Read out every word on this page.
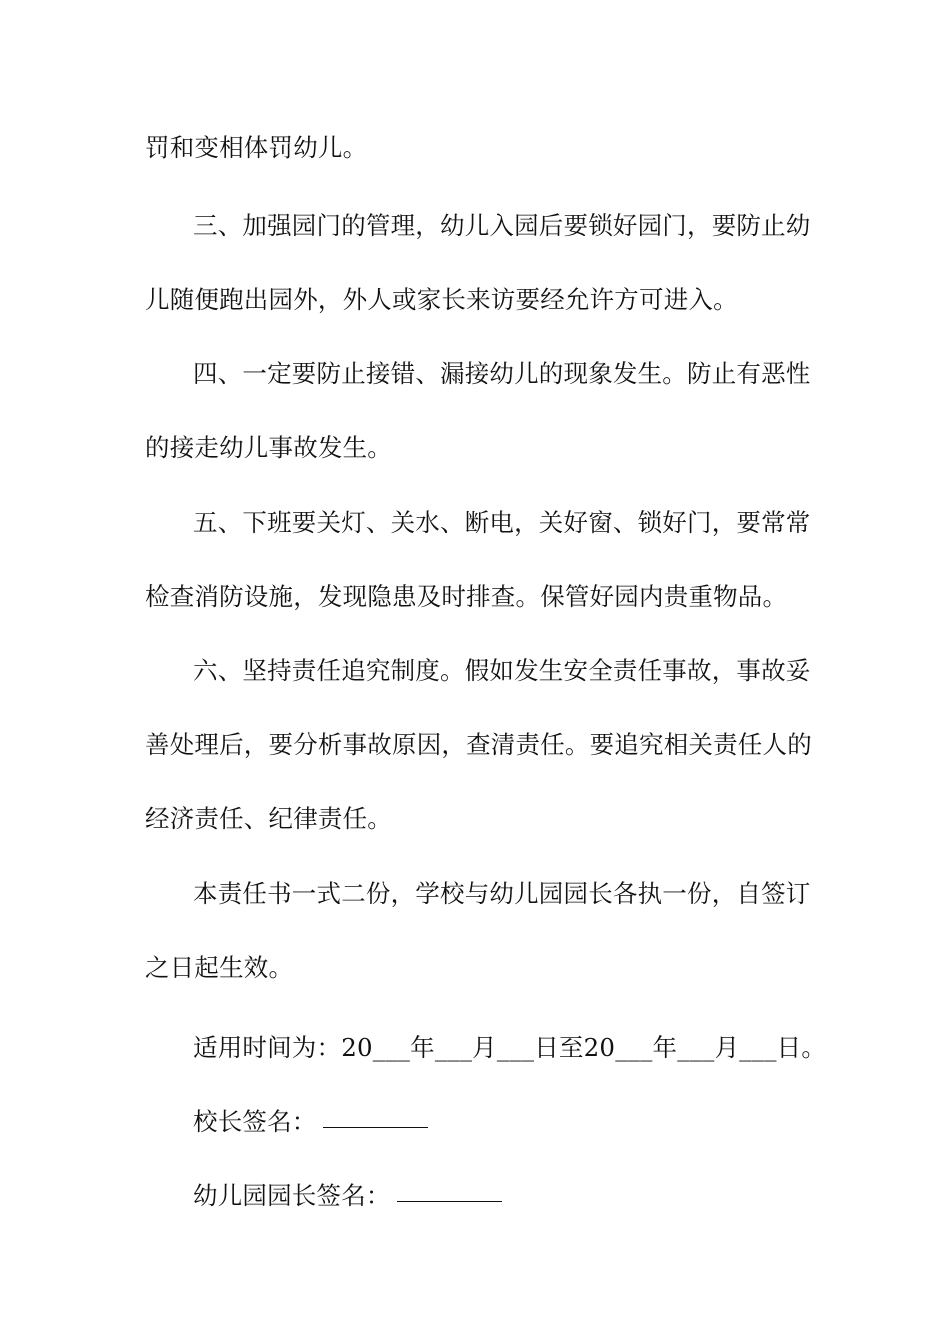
罚和变相体罚幼儿。
三、加强园门的管理，幼儿入园后要锁好园门，要防止幼
儿随便跑出园外，外人或家长来访要经允许方可进入。
四、一定要防止接错、漏接幼儿的现象发生。防止有恶性
的接走幼儿事故发生。
五、下班要关灯、关水、断电，关好窗、锁好门，要常常
检查消防设施，发现隐患及时排查。保管好园内贵重物品。
六、坚持责任追究制度。假如发生安全责任事故，事故妥
善处理后，要分析事故原因，查清责任。要追究相关责任人的
经济责任、纪律责任。
本责任书一式二份，学校与幼儿园园长各执一份，自签订
之日起生效。
适用时间为：20___年___月___日至20___年___月___日。
校长签名：
幼儿园园长签名：
